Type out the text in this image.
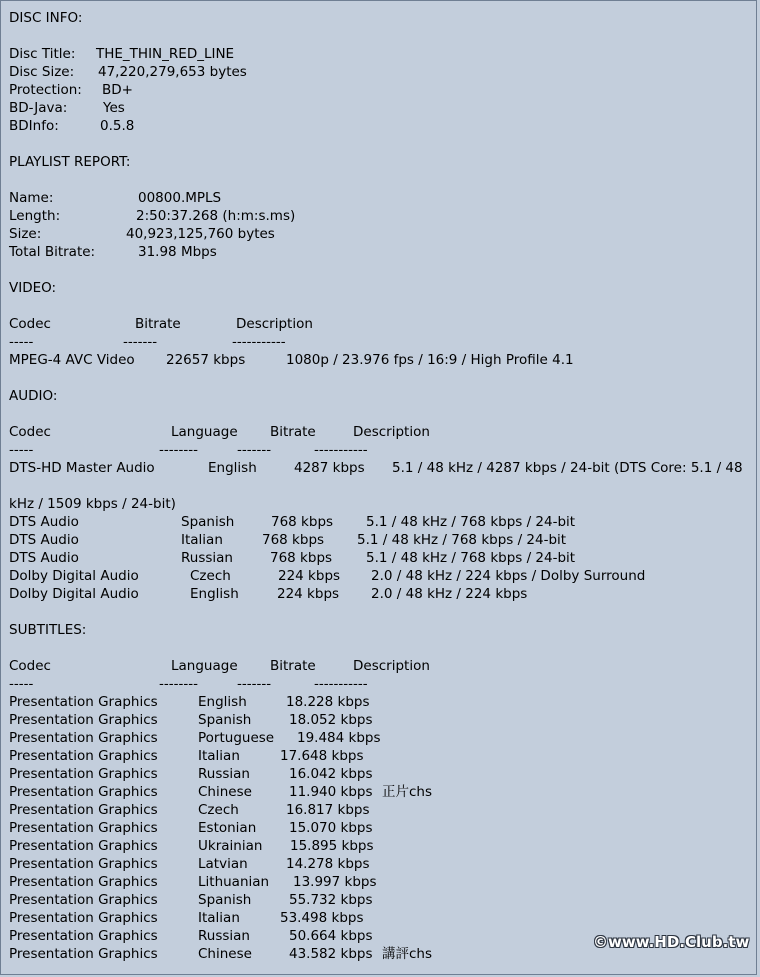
DISC INFO:
Disc Title: THE_THIN_RED_LINE
Disc Size: 47,220,279,653 bytes
Protection: BD+
BD-Java:	Yes
BDInfo:	0.5.8
PLAYLIST REPORT:
Name:	00800.MPLS
Length:	2:50:37.268 (h:m:s.ms)
Size:	40,923,125,760 bytes
Total Bitrate:	31.98 Mbps
VIDEO:
Codec	Bitrate	Description
-----	-------	-----------
MPEG-4 AVC Video 22657 kbps	1080p / 23.976 fps / 16:9 / High Profile 4.1
AUDIO:
Codec	Language Bitrate	Description
-----	--------	-------	-----------
DTS-HD Master Audio	English	4287 kbps 5.1 / 48 kHz / 4287 kbps / 24-bit (DTS Core: 5.1 / 48
kHz / 1509 kbps / 24-bit)
DTS Audio	Spanish	768 kbps 5.1 / 48 kHz / 768 kbps / 24-bit
DTS Audio	Italian	768 kbps 5.1 / 48 kHz / 768 kbps / 24-bit
DTS Audio	Russian	768 kbps	5.1 / 48 kHz / 768 kbps / 24-bit
Dolby Digital Audio	Czech	224 kbps 2.0 / 48 kHz / 224 kbps / Dolby Surround
Dolby Digital Audio	English	224 kbps 2.0 / 48 kHz / 224 kbps
SUBTITLES:
Codec	Language Bitrate	Description
-----	--------	-------	-----------
Presentation Graphics	English	18.228 kbps
Presentation Graphics	Spanish	18.052 kbps
Presentation Graphics	Portuguese 19.484 kbps
Presentation Graphics	Italian	17.648 kbps
Presentation Graphics	Russian	16.042 kbps
Presentation Graphics	Chinese	11.940 kbps 正片chs
Presentation Graphics	Czech	16.817 kbps
Presentation Graphics	Estonian 15.070 kbps
Presentation Graphics	Ukrainian 15.895 kbps
Presentation Graphics	Latvian	14.278 kbps
Presentation Graphics	Lithuanian 13.997 kbps
Presentation Graphics	Spanish	55.732 kbps
Presentation Graphics	Italian	53.498 kbps
Presentation Graphics	Russian	50.664 kbps
Presentation Graphics	Chinese	43.582 kbps 講評chs
©www.HD.Club.tw
